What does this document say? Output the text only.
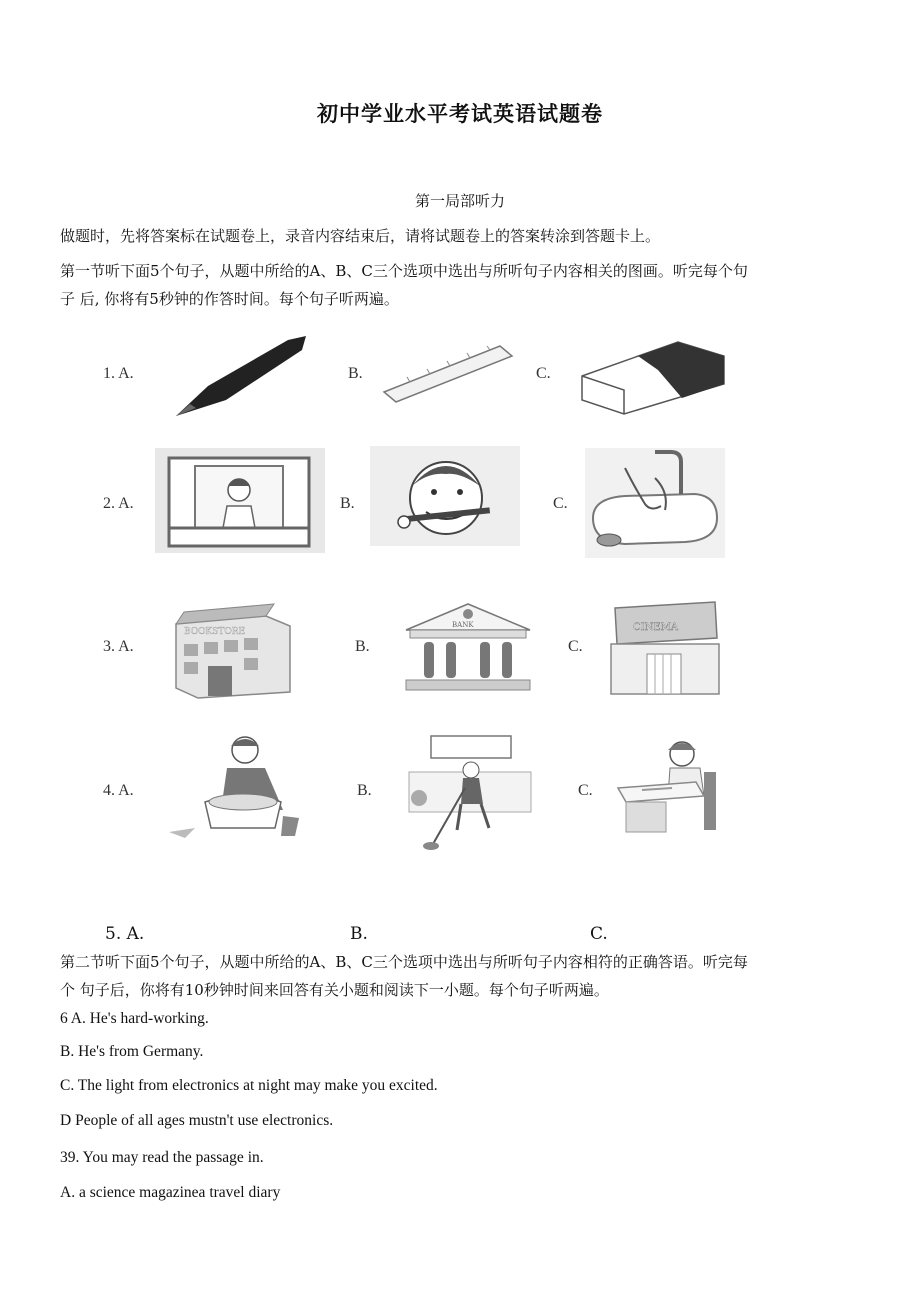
初中学业水平考试英语试题卷
第一局部听力
做题时，先将答案标在试题卷上，录音内容结束后，请将试题卷上的答案转涂到答题卡上。
第一节听下面5个句子，从题中所给的A、B、C三个选项中选出与所听句子内容相关的图画。听完每个句
子 后, 你将有5秒钟的作答时间。每个句子听两遍。
1. A.	B.	C.
2. A.	B.	C.
3. A.
BOOKSTORE
B.
BANK
C.
CINEMA
4. A.	B.	C.
5. A.	B.	C.
第二节听下面5个句子，从题中所给的A、B、C三个选项中选出与所听句子内容相符的正确答语。听完每
个 句子后，你将有10秒钟时间来回答有关小题和阅读下一小题。每个句子听两遍。
6 A. He's hard-working.
B. He's from Germany.
C. The light from electronics at night may make you excited.
D People of all ages mustn't use electronics.
39. You may read the passage in.
A. a science magazinea travel diary
